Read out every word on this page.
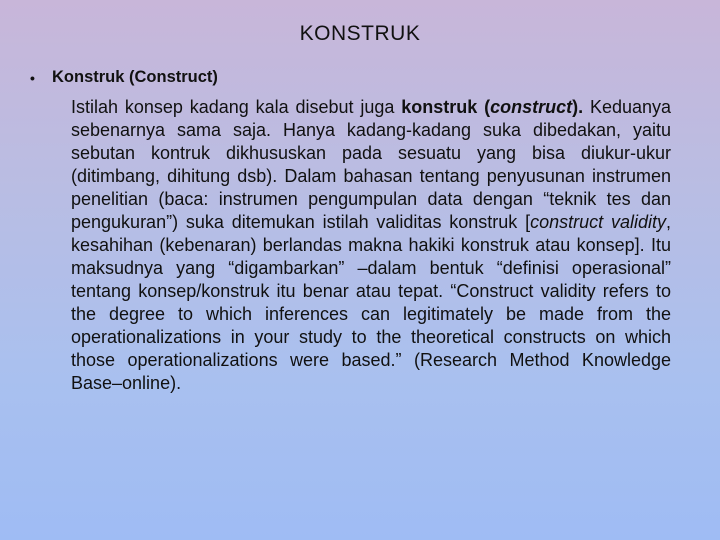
KONSTRUK
•	Konstruk (Construct)

Istilah konsep kadang kala disebut juga konstruk (construct). Keduanya sebenarnya sama saja. Hanya kadang-kadang suka dibedakan, yaitu sebutan kontruk dikhususkan pada sesuatu yang bisa diukur-ukur (ditimbang, dihitung dsb). Dalam bahasan tentang penyusunan instrumen penelitian (baca: instrumen pengumpulan data dengan “teknik tes dan pengukuran”) suka ditemukan istilah validitas konstruk [construct validity, kesahihan (kebenaran) berlandas makna hakiki konstruk atau konsep]. Itu maksudnya yang “digambarkan” –dalam bentuk “definisi operasional” tentang konsep/konstruk itu benar atau tepat. “Construct validity refers to the degree to which inferences can legitimately be made from the operationalizations in your study to the theoretical constructs on which those operationalizations were based.” (Research Method Knowledge Base–online).
